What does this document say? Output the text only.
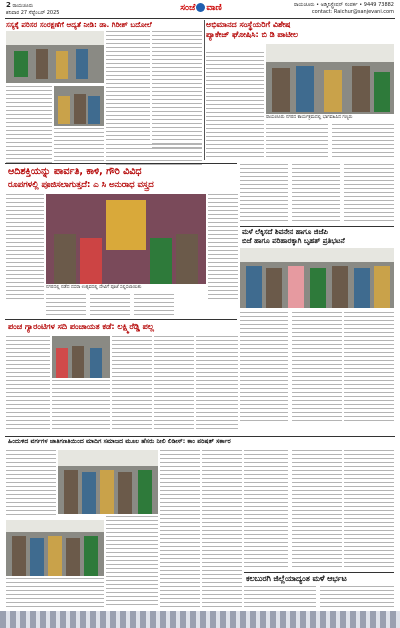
2 ರಾಯಚೂರು
ಶನಿವಾರ 27 ಸೆಪ್ಟೆಂಬರ್ 2025	ಸಂಜೆ ವಾಣಿ	ರಾಯಚೂರು • ಅಡ್ಮಿನಿಸ್ಟ್ರೇಷನ್ ಸಂಪರ್ಕ • 9449 73882
contact: Raichur@sanjevani.com
ಸಸ್ಯಕ್ಕೆ ಪರಿಸರ ಸಂರಕ್ಷಣೆಗೆ ಆದ್ಯತೆ ನೀಡಿ: ಡಾ. ಗಿರೀಶ್ ಬದೋಲೆ	ಅಭಿಮಾನದ ಸಂಸ್ಥೆಯರಿಗೆ ವಿಶೇಷ
ಪ್ಯಾಕೇಜ್ ಘೋಷಿಸಿ: ಬಿ ಡಿ ಪಾಟೀಲ
ರಾಯಚೂರು ನಗರದ ಕಾರ್ಯಕ್ರಮದಲ್ಲಿ ಭಾಗವಹಿಸಿದ ಗಣ್ಯರು
ಆದಿಶಕ್ತಿಯನ್ನು ಪಾರ್ವತಿ, ಕಾಳಿ, ಗೌರಿ ವಿವಿಧ
ರೂಪಗಳಲ್ಲಿ ಪೂಜಿಸಲಾಗುತ್ತದೆ: ಎ ಸಿ ಅನುರಾಧ ವಸ್ತ್ರದ
ನಗರದಲ್ಲಿ ನಡೆದ ದಸರಾ ಉತ್ಸವದಲ್ಲಿ ದೇವಿಗೆ ಪೂಜೆ ಸಲ್ಲಿಸಲಾಯಿತು
ಮಳೆ ಲೆಕ್ಕಿಸದೆ ಶಿವನೇನ ಹಾಗೂ ಜಿಜೆಪಿ
ಬಿಜೆ ಹಾಗೂ ಪರಿಹಾರಕ್ಕಾಗಿ ಬೃಹತ್ ಪ್ರತಿಭಟನೆ
ಪಂಚ ಗ್ಯಾರಂಟಿಗಳ ಸದಿ ಪಂಚಾಯತ ಕಡೆ: ಲಕ್ಷ್ಮಿರೆಡ್ಡಿ ಪಲ್ಲ
ಹಿಂದುಳಿದ ವರ್ಗಗಳ ಜಾತಿಗಣತಿಯಿಂದ ಮಾದಿಗ ಸಮಾಜದ ಮೂಲ ಹೆಸರು ನೀಲಿ ಲಿಡೀಸ್: ಕಾಂ ಪರಿಷತ್ ಸರ್ಕಾರ
ಕಲಬುರಗಿ ಜಿಲ್ಲೆಯಾದ್ಯಂತ ಮಳೆ ಆರ್ಭಟ
